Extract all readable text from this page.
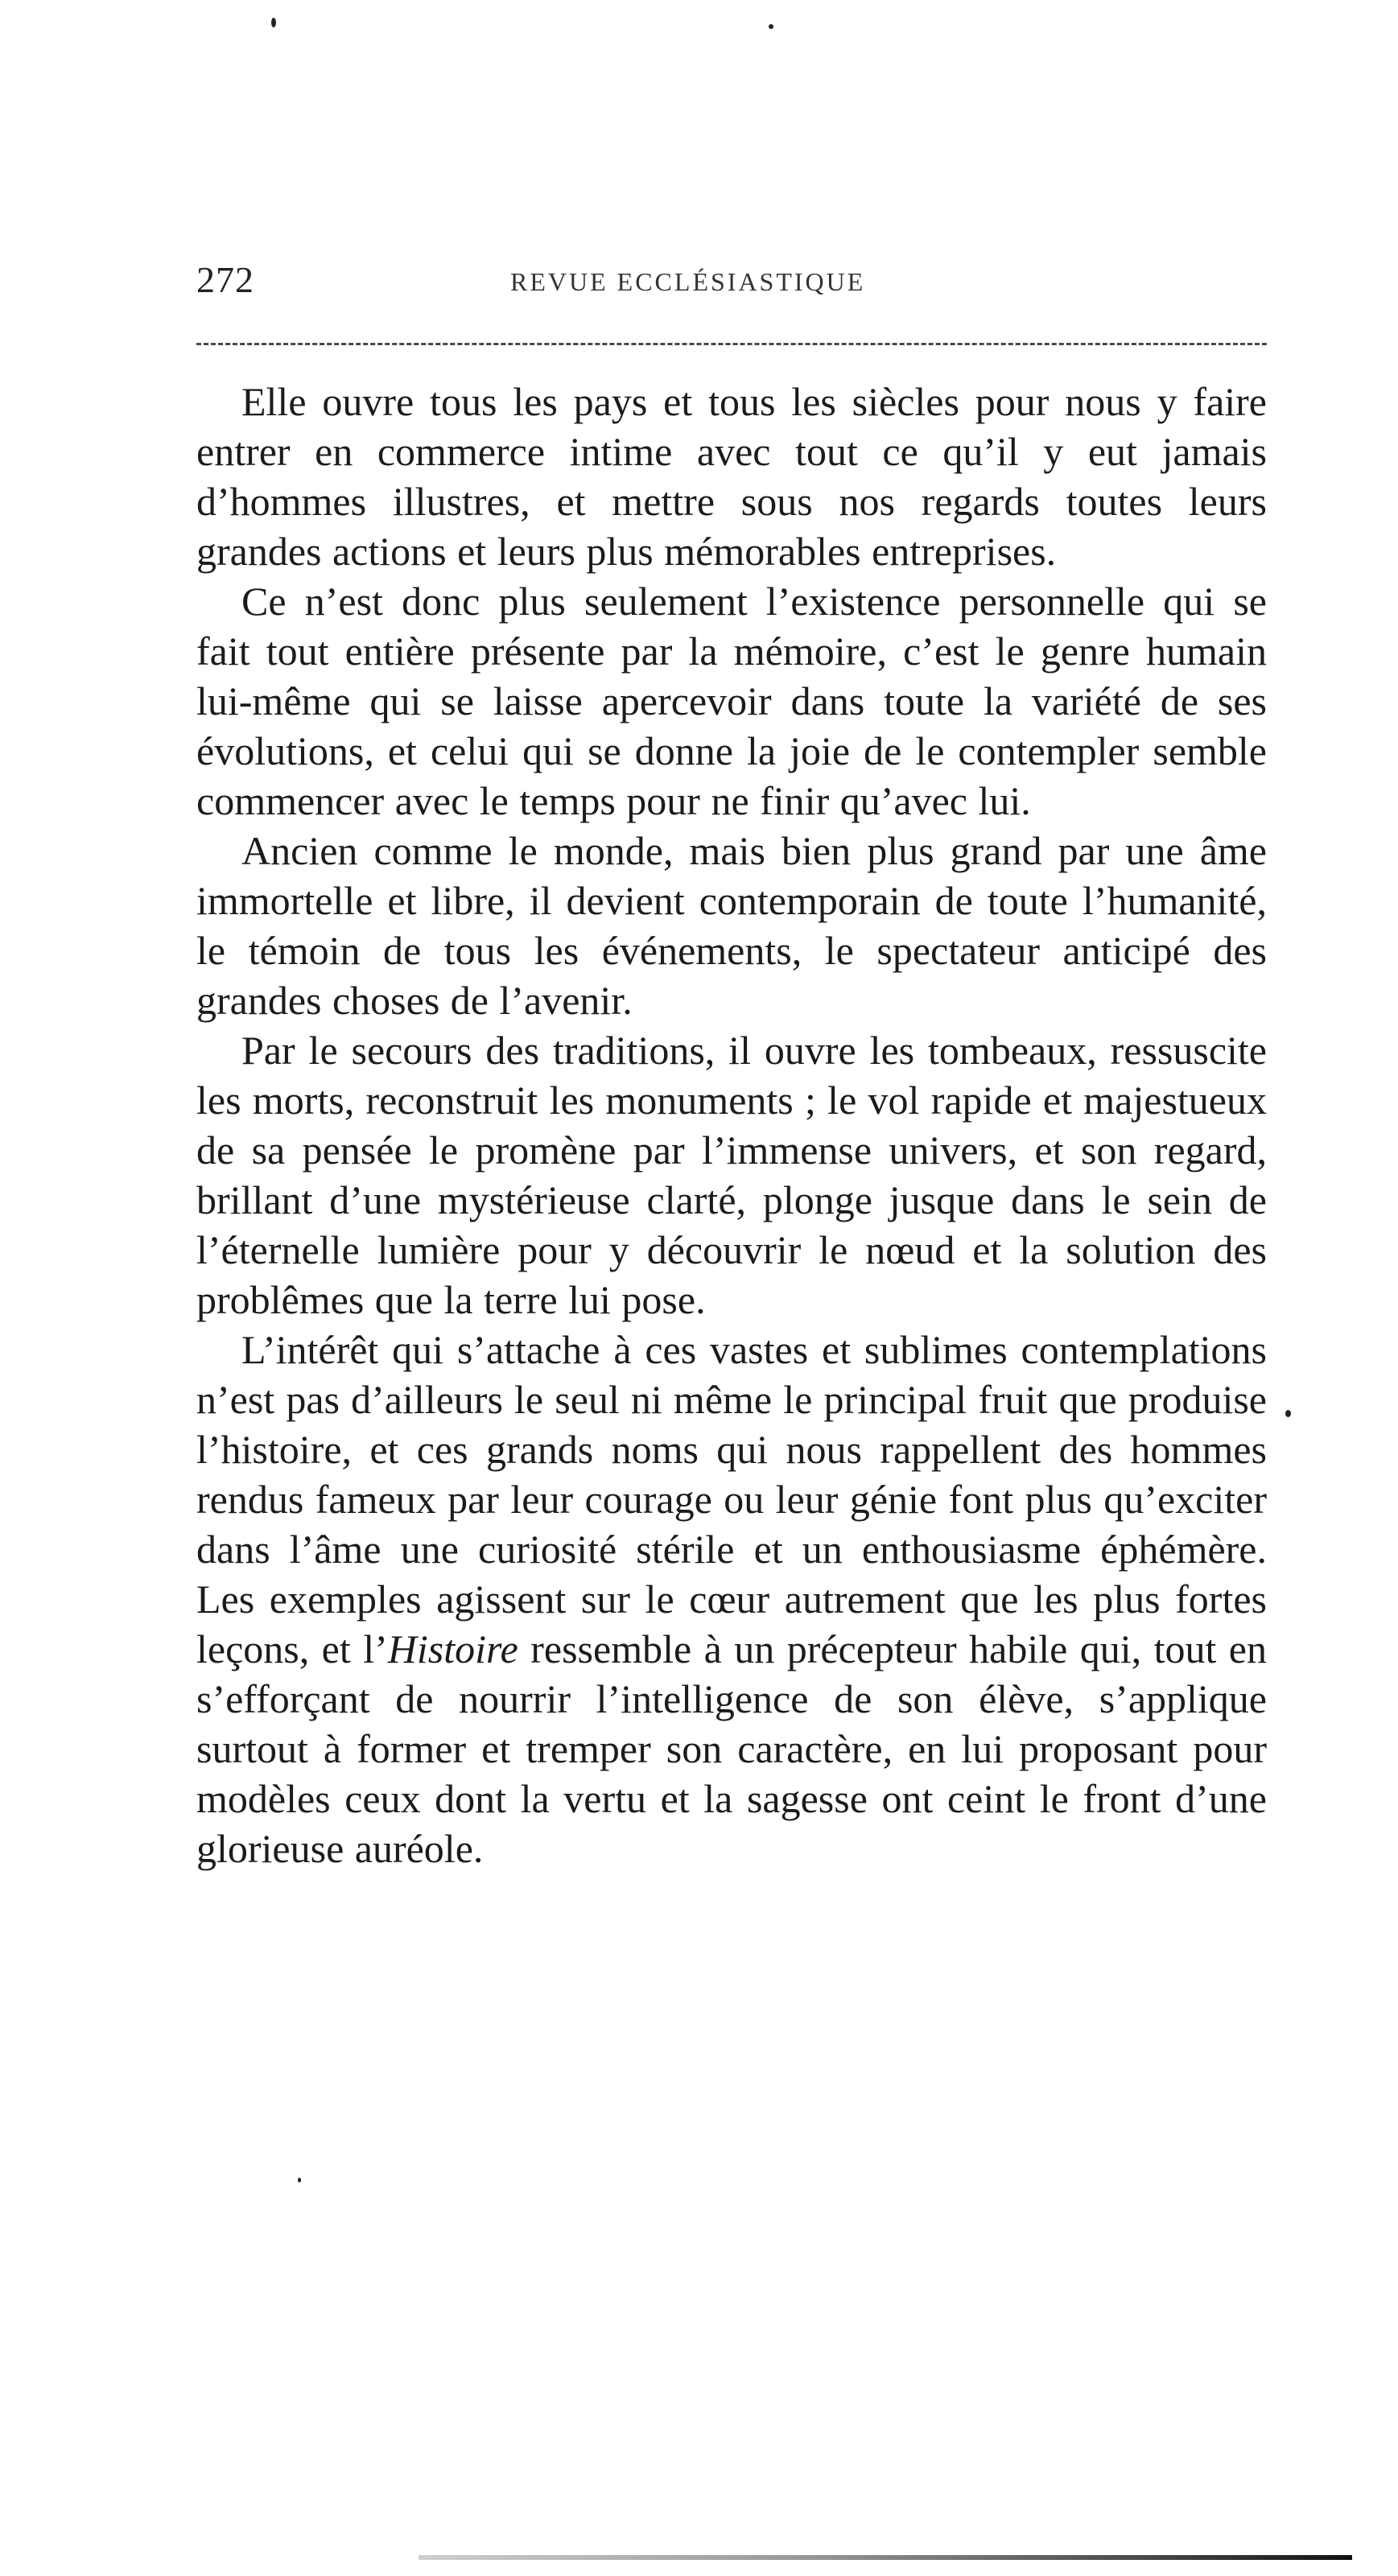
272	REVUE ECCLÉSIASTIQUE

Elle ouvre tous les pays et tous les siècles pour nous y faire entrer en commerce intime avec tout ce qu’il y eut jamais d’hommes illustres, et mettre sous nos regards toutes leurs grandes actions et leurs plus mémorables entreprises.

Ce n’est donc plus seulement l’existence personnelle qui se fait tout entière présente par la mémoire, c’est le genre humain lui-même qui se laisse apercevoir dans toute la variété de ses évolutions, et celui qui se donne la joie de le contempler semble commencer avec le temps pour ne finir qu’avec lui.

Ancien comme le monde, mais bien plus grand par une âme immortelle et libre, il devient contemporain de toute l’humanité, le témoin de tous les événements, le spectateur anticipé des grandes choses de l’avenir.

Par le secours des traditions, il ouvre les tombeaux, ressuscite les morts, reconstruit les monuments ; le vol rapide et majestueux de sa pensée le promène par l’immense univers, et son regard, brillant d’une mystérieuse clarté, plonge jusque dans le sein de l’éternelle lumière pour y découvrir le nœud et la solution des problêmes que la terre lui pose.

L’intérêt qui s’attache à ces vastes et sublimes contemplations n’est pas d’ailleurs le seul ni même le principal fruit que produise l’histoire, et ces grands noms qui nous rappellent des hommes rendus fameux par leur courage ou leur génie font plus qu’exciter dans l’âme une curiosité stérile et un enthousiasme éphémère. Les exemples agissent sur le cœur autrement que les plus fortes leçons, et l’Histoire ressemble à un précepteur habile qui, tout en s’efforçant de nourrir l’intelligence de son élève, s’applique surtout à former et tremper son caractère, en lui proposant pour modèles ceux dont la vertu et la sagesse ont ceint le front d’une glorieuse auréole.
